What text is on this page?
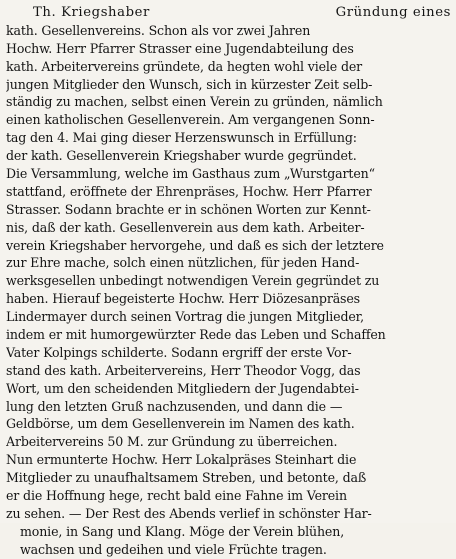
Th. Kriegshaber	Gründung eines
kath. Gesellenvereins. Schon als vor zwei Jahren
Hochw. Herr Pfarrer Strasser eine Jugendabteilung des
kath. Arbeitervereins gründete, da hegten wohl viele der
jungen Mitglieder den Wunsch, sich in kürzester Zeit selb-
ständig zu machen, selbst einen Verein zu gründen, nämlich
einen katholischen Gesellenverein. Am vergangenen Sonn-
tag den 4. Mai ging dieser Herzenswunsch in Erfüllung:
der kath. Gesellenverein Kriegshaber wurde gegründet.
Die Versammlung, welche im Gasthaus zum „Wurstgarten“
stattfand, eröffnete der Ehrenpräses, Hochw. Herr Pfarrer
Strasser. Sodann brachte er in schönen Worten zur Kennt-
nis, daß der kath. Gesellenverein aus dem kath. Arbeiter-
verein Kriegshaber hervorgehe, und daß es sich der letztere
zur Ehre mache, solch einen nützlichen, für jeden Hand-
werksgesellen unbedingt notwendigen Verein gegründet zu
haben. Hierauf begeisterte Hochw. Herr Diözesanpräses
Lindermayer durch seinen Vortrag die jungen Mitglieder,
indem er mit humorgewürzter Rede das Leben und Schaffen
Vater Kolpings schilderte. Sodann ergriff der erste Vor-
stand des kath. Arbeitervereins, Herr Theodor Vogg, das
Wort, um den scheidenden Mitgliedern der Jugendabtei-
lung den letzten Gruß nachzusenden, und dann die —
Geldbörse, um dem Gesellenverein im Namen des kath.
Arbeitervereins 50 M. zur Gründung zu überreichen.
Nun ermunterte Hochw. Herr Lokalpräses Steinhart die
Mitglieder zu unaufhaltsamem Streben, und betonte, daß
er die Hoffnung hege, recht bald eine Fahne im Verein
zu sehen. — Der Rest des Abends verlief in schönster Har-
monie, in Sang und Klang. Möge der Verein blühen,
wachsen und gedeihen und viele Früchte tragen.
